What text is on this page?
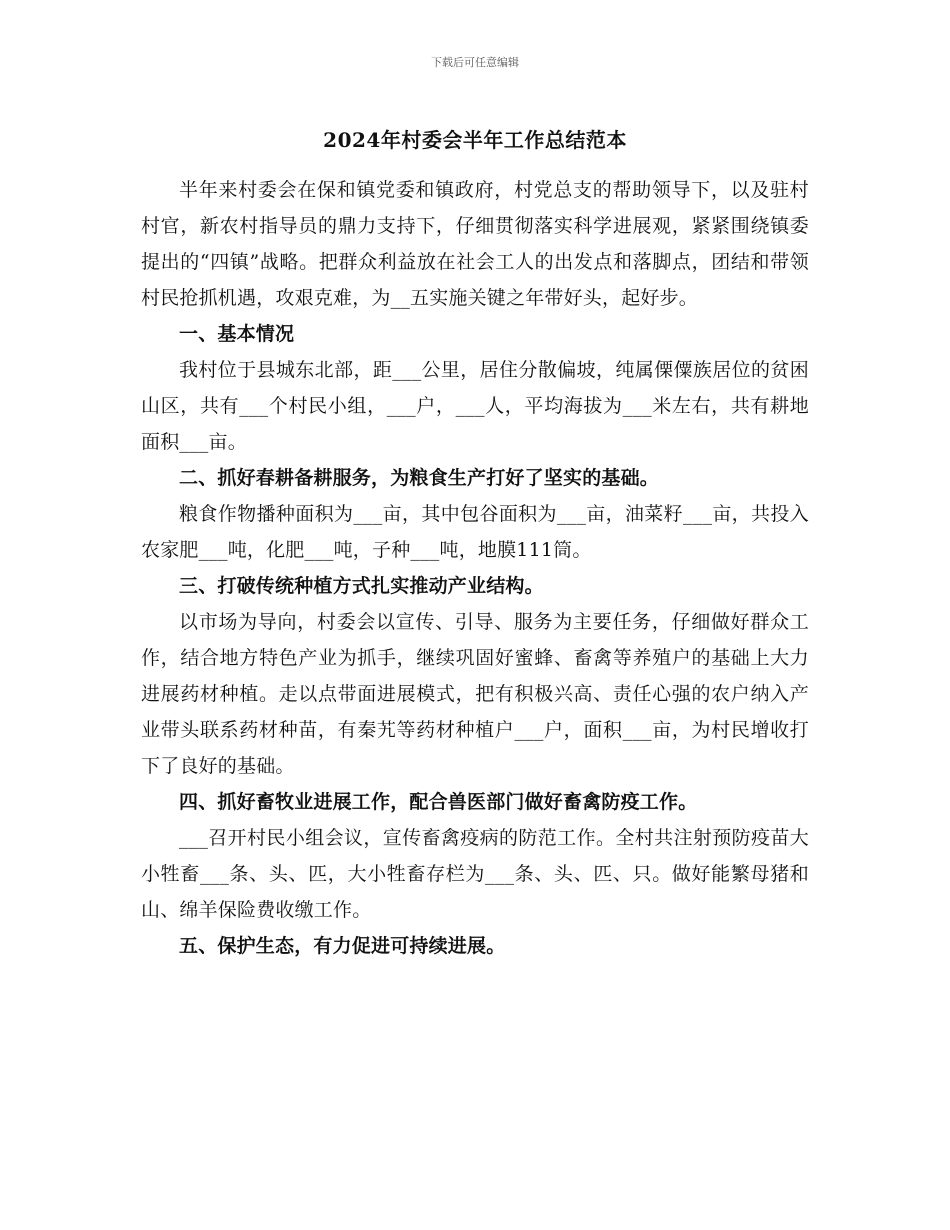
下载后可任意编辑
2024年村委会半年工作总结范本

半年来村委会在保和镇党委和镇政府，村党总支的帮助领导下，以及驻村村官，新农村指导员的鼎力支持下，仔细贯彻落实科学进展观，紧紧围绕镇委提出的“四镇”战略。把群众利益放在社会工人的出发点和落脚点，团结和带领村民抢抓机遇，攻艰克难，为__五实施关键之年带好头，起好步。

一、基本情况

我村位于县城东北部，距___公里，居住分散偏坡，纯属傈僳族居位的贫困山区，共有___个村民小组，___户，___人，平均海拔为___米左右，共有耕地面积___亩。

二、抓好春耕备耕服务，为粮食生产打好了坚实的基础。

粮食作物播种面积为___亩，其中包谷面积为___亩，油菜籽___亩，共投入农家肥___吨，化肥___吨，子种___吨，地膜111筒。

三、打破传统种植方式扎实推动产业结构。

以市场为导向，村委会以宣传、引导、服务为主要任务，仔细做好群众工作，结合地方特色产业为抓手，继续巩固好蜜蜂、畜禽等养殖户的基础上大力进展药材种植。走以点带面进展模式，把有积极兴高、责任心强的农户纳入产业带头联系药材种苗，有秦艽等药材种植户___户，面积___亩，为村民增收打下了良好的基础。

四、抓好畜牧业进展工作，配合兽医部门做好畜禽防疫工作。

___召开村民小组会议，宣传畜禽疫病的防范工作。全村共注射预防疫苗大小牲畜___条、头、匹，大小牲畜存栏为___条、头、匹、只。做好能繁母猪和山、绵羊保险费收缴工作。

五、保护生态，有力促进可持续进展。
